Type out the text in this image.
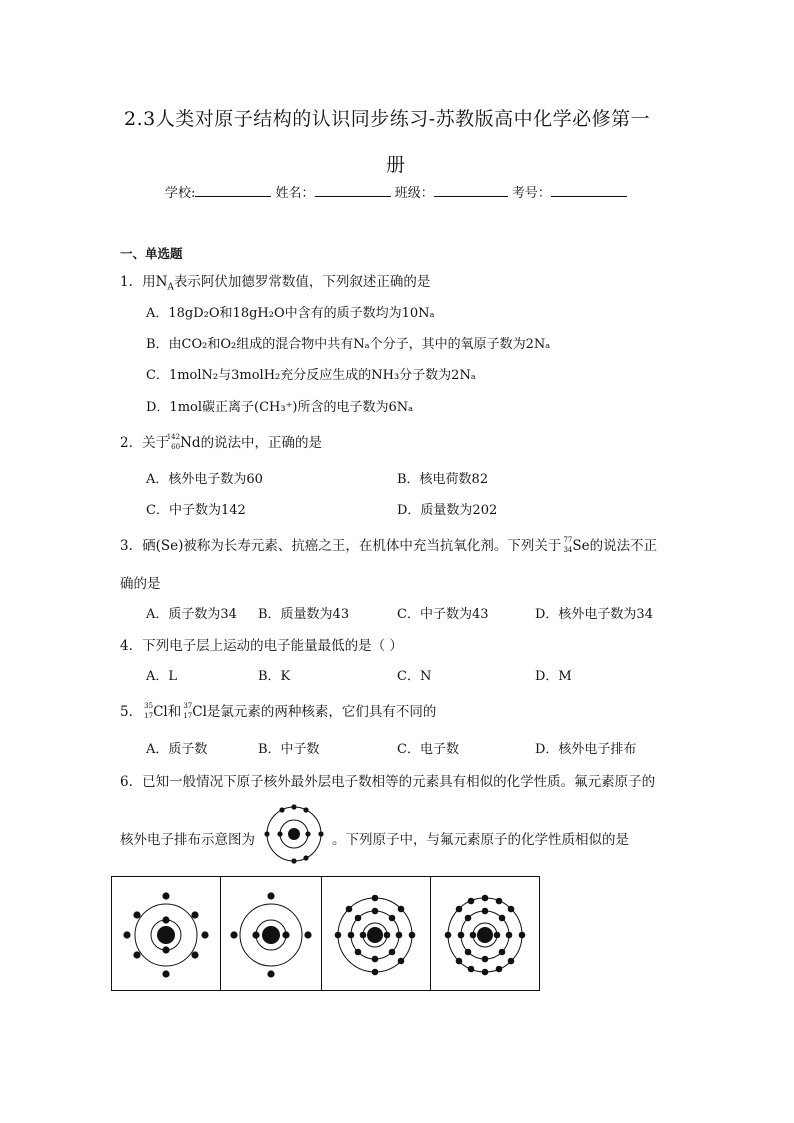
2.3人类对原子结构的认识同步练习-苏教版高中化学必修第一
册
学校:	姓名：	班级：	考号：
一、单选题
1．用$N_A$表示阿伏加德罗常数值，下列叙述正确的是
A．18gD₂O和18gH₂O中含有的质子数均为10Nₐ
B．由CO₂和O₂组成的混合物中共有Nₐ个分子，其中的氧原子数为2Nₐ
C．1molN₂与3molH₂充分反应生成的NH₃分子数为2Nₐ
D．1mol碳正离子(CH₃⁺)所含的电子数为6Nₐ
2．关于
142
60 Nd的说法中，正确的是
A．核外电子数为60	B．核电荷数82
C．中子数为142	D．质量数为202
3．硒(Se)被称为长寿元素、抗癌之王，在机体中充当抗氧化剂。下列关于 77
34 Se的说法不正
确的是
A．质子数为34 B．质量数为43	C．中子数为43	D．核外电子数为34
4．下列电子层上运动的电子能量最低的是（ ）
A．L	B．K	C．N	D．M
5． 35
17 Cl和 37
17 Cl是氯元素的两种核素，它们具有不同的
A．质子数	B．中子数	C．电子数	D．核外电子排布
6．已知一般情况下原子核外最外层电子数相等的元素具有相似的化学性质。氟元素原子的
核外电子排布示意图为	。下列原子中，与氟元素原子的化学性质相似的是
